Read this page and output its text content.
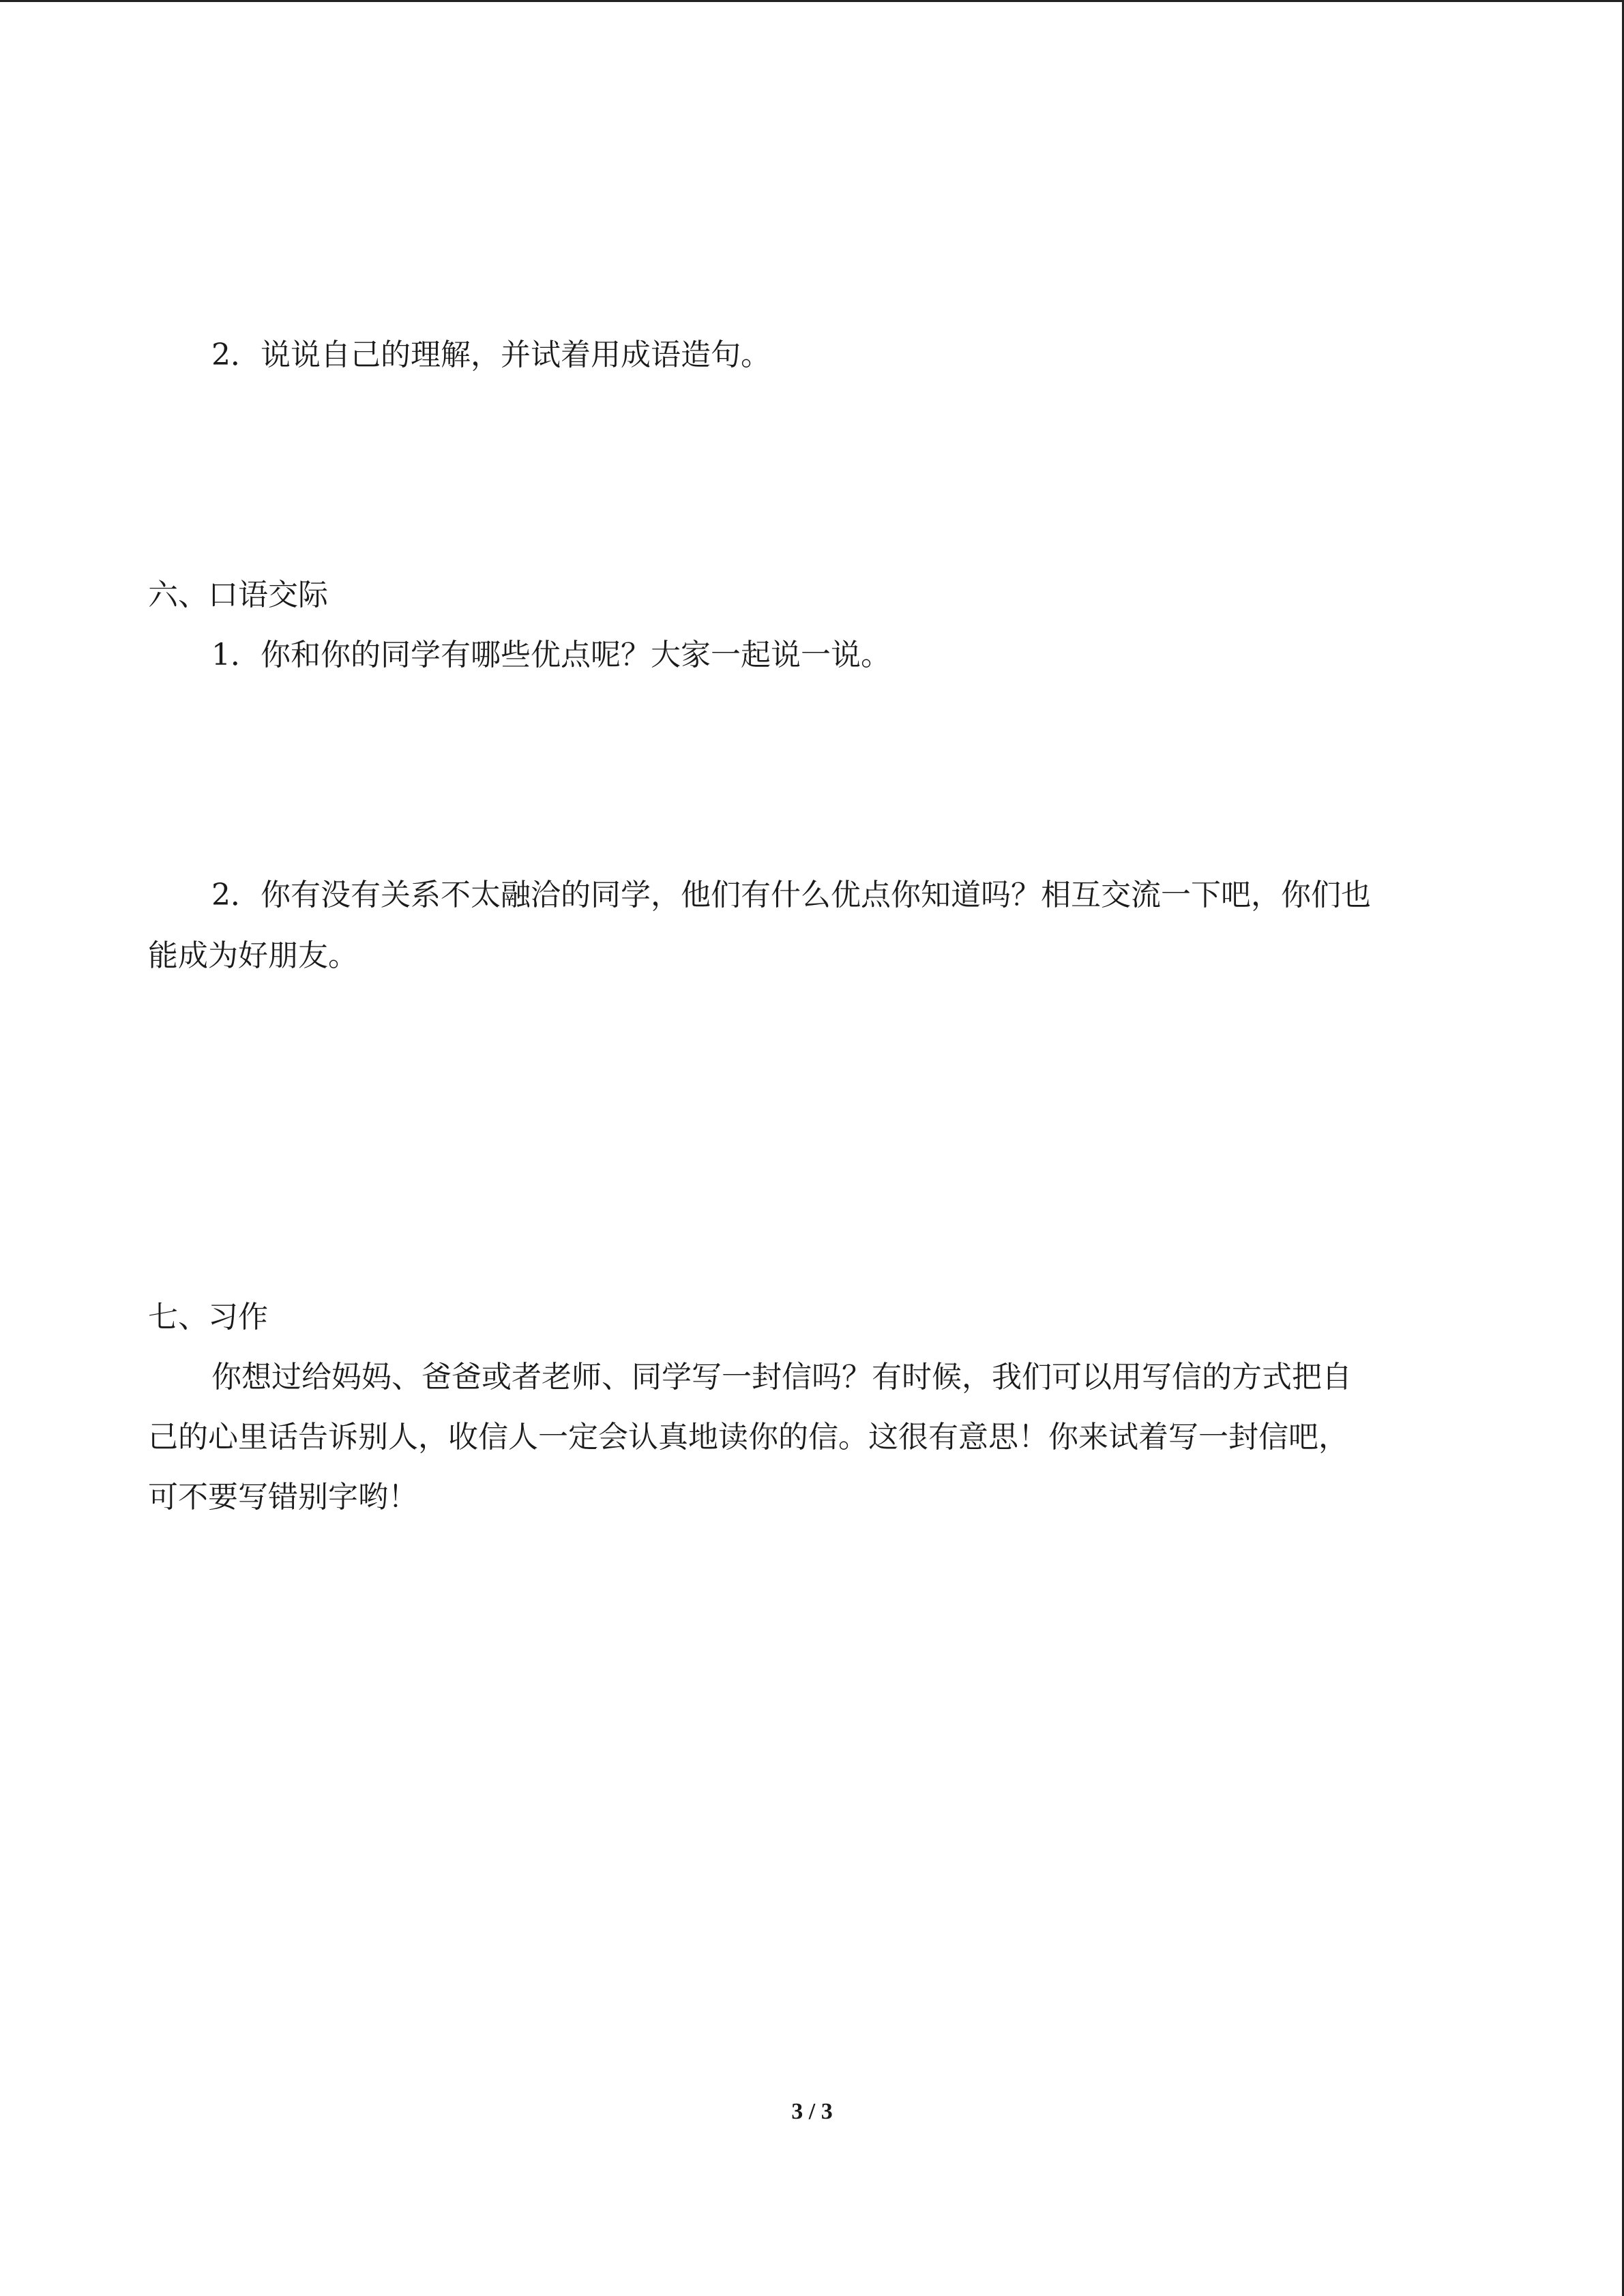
2．说说自己的理解，并试着用成语造句。

六、口语交际

1．你和你的同学有哪些优点呢？大家一起说一说。

2．你有没有关系不太融洽的同学，他们有什么优点你知道吗？相互交流一下吧，你们也

能成为好朋友。

七、习作

你想过给妈妈、爸爸或者老师、同学写一封信吗？有时候，我们可以用写信的方式把自

己的心里话告诉别人，收信人一定会认真地读你的信。这很有意思！你来试着写一封信吧，

可不要写错别字哟！

3 / 3
